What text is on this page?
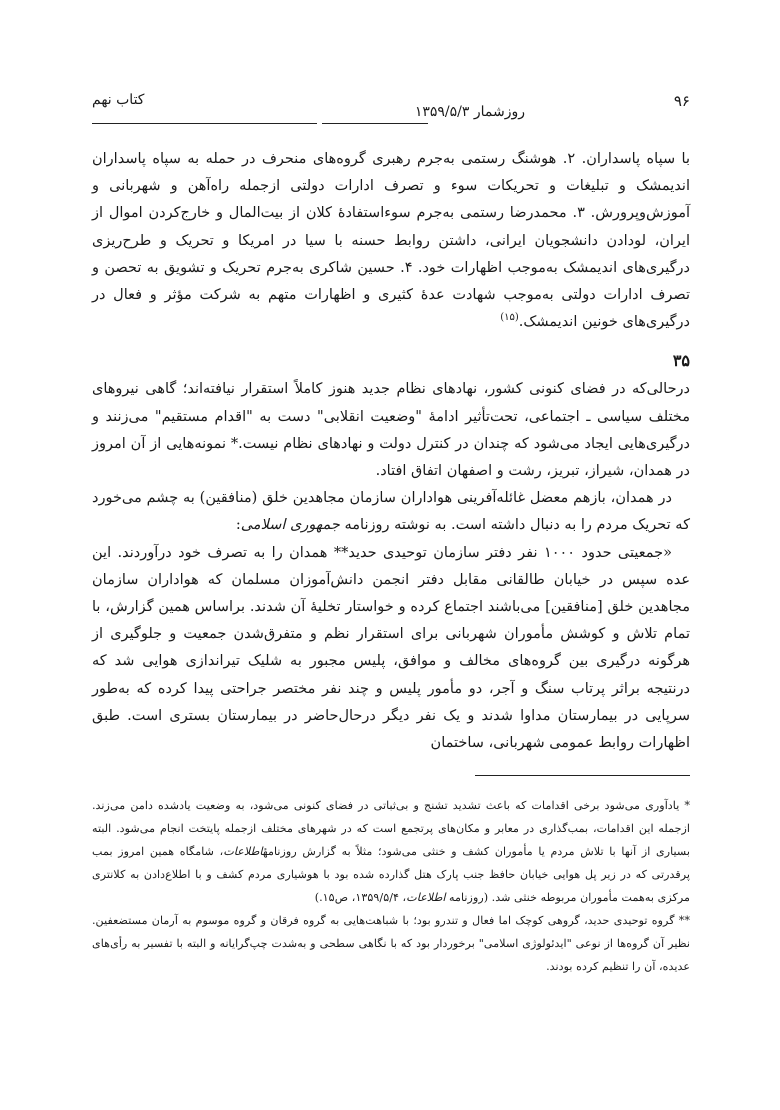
۹۶
روزشمار ۱۳۵۹/۵/۳
کتاب نهم

با سپاه پاسداران. ۲. هوشنگ رستمی به‌جرم رهبری گروه‌های منحرف در حمله به سپاه پاسداران اندیمشک و تبلیغات و تحریکات سوء و تصرف ادارات دولتی ازجمله راه‌آهن و شهربانی و آموزش‌وپرورش. ۳. محمدرضا رستمی به‌جرم سوءاستفادهٔ کلان از بیت‌المال و خارج‌کردن اموال از ایران، لودادن دانشجویان ایرانی، داشتن روابط حسنه با سیا در امریکا و تحریک و طرح‌ریزی درگیری‌های اندیمشک به‌موجب اظهارات خود. ۴. حسین شاکری به‌جرم تحریک و تشویق به تحصن و تصرف ادارات دولتی به‌موجب شهادت عدهٔ کثیری و اظهارات متهم به شرکت مؤثر و فعال در درگیری‌های خونین اندیمشک.$^{(۱۵)}$

۳۵

درحالی‌که در فضای کنونی کشور، نهادهای نظام جدید هنوز کاملاً استقرار نیافته‌اند؛ گاهی نیروهای مختلف سیاسی ـ اجتماعی، تحت‌تأثیر ادامهٔ "وضعیت انقلابی" دست به "اقدام مستقیم" می‌زنند و درگیری‌هایی ایجاد می‌شود که چندان در کنترل دولت و نهادهای نظام نیست.* نمونه‌هایی از آن امروز در همدان، شیراز، تبریز، رشت و اصفهان اتفاق افتاد.

در همدان، بازهم معضل غائله‌آفرینی هواداران سازمان مجاهدین خلق (منافقین) به چشم می‌خورد که تحریک مردم را به دنبال داشته است. به نوشته روزنامه جمهوری اسلامی:

«جمعیتی حدود ۱۰۰۰ نفر دفتر سازمان توحیدی حدید** همدان را به تصرف خود درآوردند. این عده سپس در خیابان طالقانی مقابل دفتر انجمن دانش‌آموزان مسلمان که هواداران سازمان مجاهدین خلق [منافقین] می‌باشند اجتماع کرده و خواستار تخلیهٔ آن شدند. براساس همین گزارش، با تمام تلاش و کوشش مأموران شهربانی برای استقرار نظم و متفرق‌شدن جمعیت و جلوگیری از هرگونه درگیری بین گروه‌های مخالف و موافق، پلیس مجبور به شلیک تیراندازی هوایی شد که درنتیجه براثر پرتاب سنگ و آجر، دو مأمور پلیس و چند نفر مختصر جراحتی پیدا کرده که به‌طور سرپایی در بیمارستان مداوا شدند و یک نفر دیگر درحال‌حاضر در بیمارستان بستری است. طبق اظهارات روابط عمومی شهربانی، ساختمان

* یادآوری می‌شود برخی اقدامات که باعث تشدید تشنج و بی‌ثباتی در فضای کنونی می‌شود، به وضعیت یادشده دامن می‌زند. ازجمله این اقدامات، بمب‌گذاری در معابر و مکان‌های پرتجمع است که در شهرهای مختلف ازجمله پایتخت انجام می‌شود. البته بسیاری از آنها با تلاش مردم یا مأموران کشف و خنثی می‌شود؛ مثلاً به گزارش روزنامهٔاطلاعات، شامگاه همین امروز بمب پرقدرتی که در زیر پل هوایی خیابان حافظ جنب پارک هتل گذارده شده بود با هوشیاری مردم کشف و با اطلاع‌دادن به کلانتری مرکزی به‌همت مأموران مربوطه خنثی شد. (روزنامه اطلاعات، ۱۳۵۹/۵/۴، ص۱۵.)

** گروه توحیدی حدید، گروهی کوچک اما فعال و تندرو بود؛ با شباهت‌هایی به گروه فرقان و گروه موسوم به آرمان مستضعفین. نظیر آن گروه‌ها از نوعی "ایدئولوژی اسلامی" برخوردار بود که با نگاهی سطحی و به‌شدت چپ‌گرایانه و البته با تفسیر به رأی‌های عدیده، آن را تنظیم کرده بودند.
